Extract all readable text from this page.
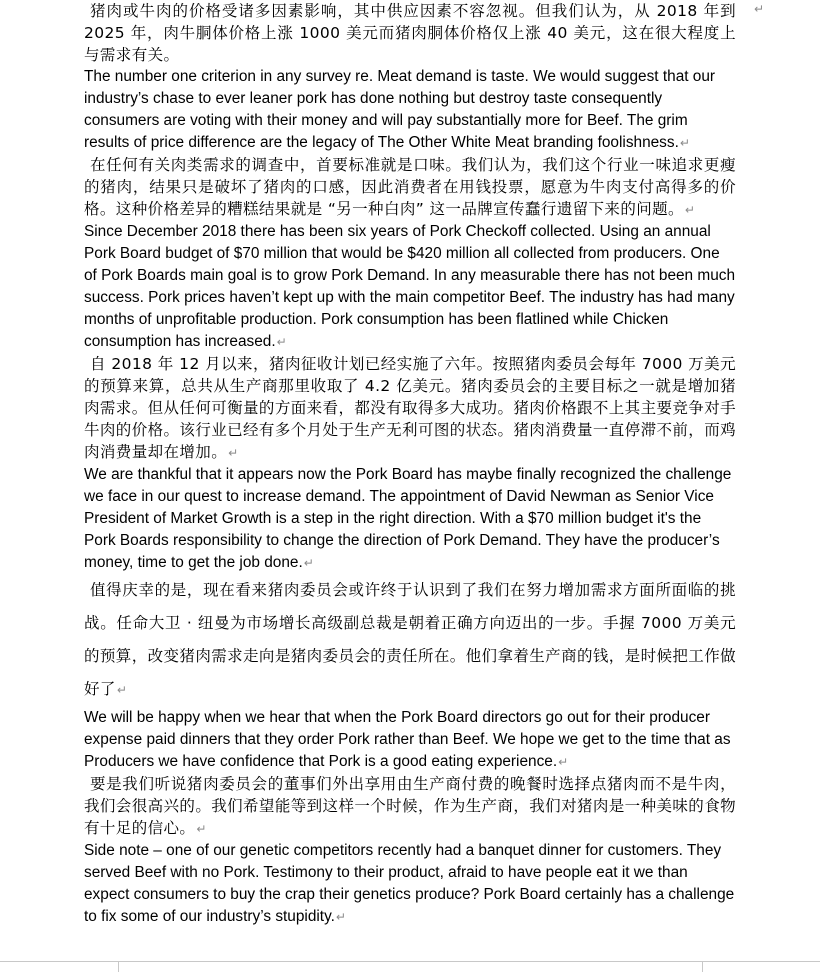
↵

猪肉或牛肉的价格受诸多因素影响，其中供应因素不容忽视。但我们认为，从 2018 年到 2025 年，肉牛胴体价格上涨 1000 美元而猪肉胴体价格仅上涨 40 美元，这在很大程度上与需求有关。

The number one criterion in any survey re. Meat demand is taste. We would suggest that our industry’s chase to ever leaner pork has done nothing but destroy taste consequently consumers are voting with their money and will pay substantially more for Beef. The grim results of price difference are the legacy of The Other White Meat branding foolishness.↵

在任何有关肉类需求的调查中，首要标准就是口味。我们认为，我们这个行业一味追求更瘦的猪肉，结果只是破坏了猪肉的口感，因此消费者在用钱投票，愿意为牛肉支付高得多的价格。这种价格差异的糟糕结果就是 “另一种白肉” 这一品牌宣传蠢行遗留下来的问题。↵

Since December 2018 there has been six years of Pork Checkoff collected. Using an annual Pork Board budget of $70 million that would be $420 million all collected from producers. One of Pork Boards main goal is to grow Pork Demand. In any measurable there has not been much success. Pork prices haven’t kept up with the main competitor Beef. The industry has had many months of unprofitable production. Pork consumption has been flatlined while Chicken consumption has increased.↵

自 2018 年 12 月以来，猪肉征收计划已经实施了六年。按照猪肉委员会每年 7000 万美元的预算来算，总共从生产商那里收取了 4.2 亿美元。猪肉委员会的主要目标之一就是增加猪肉需求。但从任何可衡量的方面来看，都没有取得多大成功。猪肉价格跟不上其主要竞争对手牛肉的价格。该行业已经有多个月处于生产无利可图的状态。猪肉消费量一直停滞不前，而鸡肉消费量却在增加。↵

We are thankful that it appears now the Pork Board has maybe finally recognized the challenge we face in our quest to increase demand. The appointment of David Newman as Senior Vice President of Market Growth is a step in the right direction. With a $70 million budget it's the Pork Boards responsibility to change the direction of Pork Demand. They have the producer’s money, time to get the job done.↵

值得庆幸的是，现在看来猪肉委员会或许终于认识到了我们在努力增加需求方面所面临的挑战。任命大卫 · 纽曼为市场增长高级副总裁是朝着正确方向迈出的一步。手握 7000 万美元的预算，改变猪肉需求走向是猪肉委员会的责任所在。他们拿着生产商的钱，是时候把工作做好了↵

We will be happy when we hear that when the Pork Board directors go out for their producer expense paid dinners that they order Pork rather than Beef. We hope we get to the time that as Producers we have confidence that Pork is a good eating experience.↵

要是我们听说猪肉委员会的董事们外出享用由生产商付费的晚餐时选择点猪肉而不是牛肉，我们会很高兴的。我们希望能等到这样一个时候，作为生产商，我们对猪肉是一种美味的食物有十足的信心。↵

Side note – one of our genetic competitors recently had a banquet dinner for customers. They served Beef with no Pork. Testimony to their product, afraid to have people eat it we than expect consumers to buy the crap their genetics produce? Pork Board certainly has a challenge to fix some of our industry’s stupidity.↵
